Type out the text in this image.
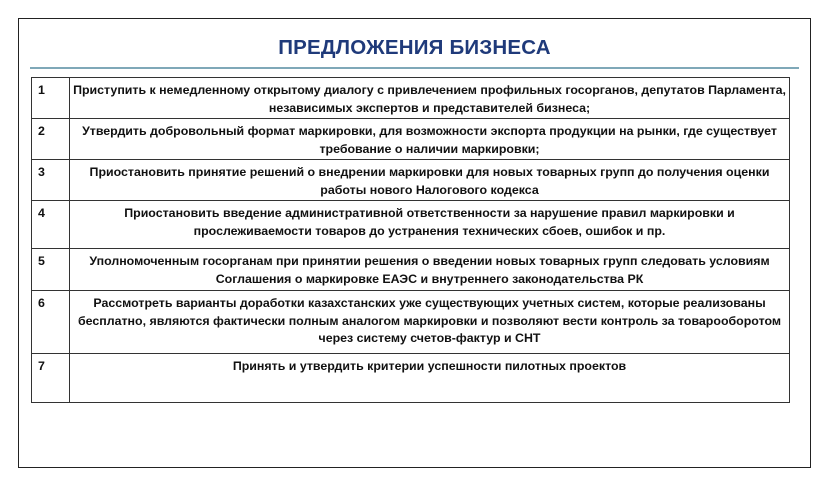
ПРЕДЛОЖЕНИЯ БИЗНЕСА
1	Приступить к немедленному открытому диалогу с привлечением профильных госорганов, депутатов Парламента, независимых экспертов и представителей бизнеса;
2	Утвердить добровольный формат маркировки, для возможности экспорта продукции на рынки, где существует требование о наличии маркировки;
3	Приостановить принятие решений о внедрении маркировки для новых товарных групп до получения оценки работы нового Налогового кодекса
4	Приостановить введение административной ответственности за нарушение правил маркировки и прослеживаемости товаров до устранения технических сбоев, ошибок и пр.
5	Уполномоченным госорганам при принятии решения о введении новых товарных групп следовать условиям Соглашения о маркировке ЕАЭС и внутреннего законодательства РК
6	Рассмотреть варианты доработки казахстанских уже существующих учетных систем, которые реализованы бесплатно, являются фактически полным аналогом маркировки и позволяют вести контроль за товарооборотом через систему счетов-фактур и СНТ
7	Принять и утвердить критерии успешности пилотных проектов
